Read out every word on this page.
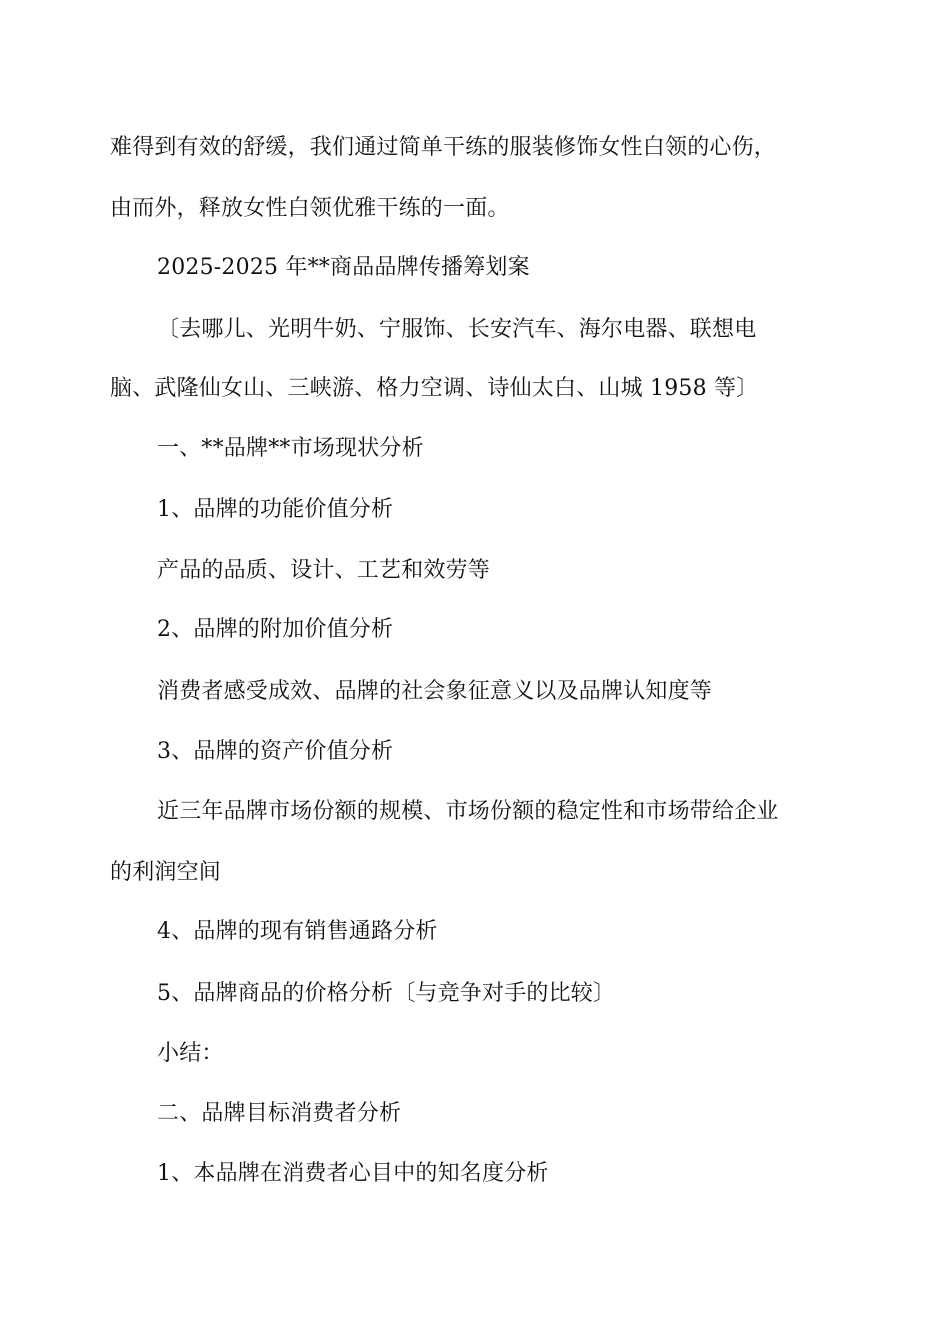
难得到有效的舒缓，我们通过简单干练的服装修饰女性白领的心伤，
由而外，释放女性白领优雅干练的一面。
2025-2025 年**商品品牌传播筹划案
〔去哪儿、光明牛奶、宁服饰、长安汽车、海尔电器、联想电
脑、武隆仙女山、三峡游、格力空调、诗仙太白、山城 1958 等〕
一、**品牌**市场现状分析
1、品牌的功能价值分析
产品的品质、设计、工艺和效劳等
2、品牌的附加价值分析
消费者感受成效、品牌的社会象征意义以及品牌认知度等
3、品牌的资产价值分析
近三年品牌市场份额的规模、市场份额的稳定性和市场带给企业
的利润空间
4、品牌的现有销售通路分析
5、品牌商品的价格分析〔与竞争对手的比较〕
小结：
二、品牌目标消费者分析
1、本品牌在消费者心目中的知名度分析
